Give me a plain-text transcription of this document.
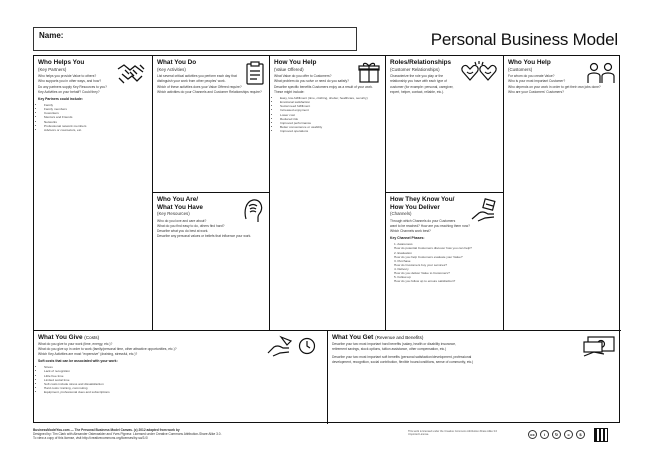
Name:	Personal Business Model
Who Helps You
(Key Partners)

Who helps you provide Value to others?

Who supports you in other ways, and how?

Do any partners supply Key Resources to you?

Key Activities on your behalf? Could they?

Key Partners could include:
• Family
• Family members
• Coworkers
• Mentors and Friends
• Networks
• Professional network members
• Advisors or counselors, etc.
What You Do
(Key Activities)

List several critical activities you perform each day that

distinguish your work from other peoples' work.

Which of these activities does your Value Offered require?

Which activities do your Channels and Customer Relationships require?

Who You Are/
What You Have
(Key Resources)

Who do you love and care about?

What do you find easy to do, others find hard?

Describe what you do best at work.

Describe any personal values or beliefs that influence your work.

How You Help
(Value Offered)

What Value do you offer to Customers?

What problem do you solve or need do you satisfy?

Describe specific benefits Customers enjoy as a result of your work.

These might include:

• Easy, low-fulfillment (time, clothing, shelter, healthcare, security)
• Emotional satisfaction
• Social need fulfillment
• Increased enjoyment
• Lower cost
• Reduced risk
• Improved performance
• Better convenience or usability
• Improved operations
Roles/Relationships
(Customer Relationships)

Characterize the role you play or the

relationship you have with each type of

customer (for example: personal, caregiver,

expert, helper, contact, reliable, etc.).

How They Know You/
How You Deliver
(Channels)

Through which Channels do your Customers

want to be reached? How are you reaching them now?

Which Channels work best?

Key Channel Phases:
1. Awareness
How do potential Customers discover how you can help?
2. Evaluation
How do you help Customers evaluate your Value?
3. Purchase
How do Customers buy your services?
4. Delivery
How do you deliver Value to Customers?
5. Follow-up
How do you follow up to ensure satisfaction?
Who You Help
(Customers)

For whom do you create Value?

Who is your most important Customer?

Who depends on your work in order to get their own jobs done?

Who are your Customers' Customers?

What You Give (Costs)

What do you give to your work (time, energy, etc.)?

What do you give up in order to work (family/personal time, other attractive opportunities, etc.)?

Which Key Activities are most "expensive" (draining, stressful, etc.)?

Soft costs that can be associated with your work:
• Stress
• Lack of recognition
• Little free time
• Limited social time
• Soft costs include stress and dissatisfaction
• Hard costs: training, commuting
• Equipment, professional dues and subscriptions
What You Get (Revenue and Benefits)

Describe your two most important hard benefits (salary, health or disability insurance,

retirement savings, stock options, tuition assistance, other compensation, etc.)

Describe your two most important soft benefits (personal satisfaction/development, professional

development, recognition, social contribution, flexible hours/conditions, sense of community, etc.)

BusinessModelYou.com — The Personal Business Model Canvas. (c) 2012 adapted from work by
Designed by: Tim Clark with Alexander Osterwalder and Yves Pigneur. Licensed under Creative Commons Attribution-Share Alike 3.0.
To view a copy of this license, visit http://creativecommons.org/licenses/by-sa/3.0/
This work is licensed under the Creative Commons Attribution-Share Alike 3.0 Unported License.	cc	i	↻	=	$
